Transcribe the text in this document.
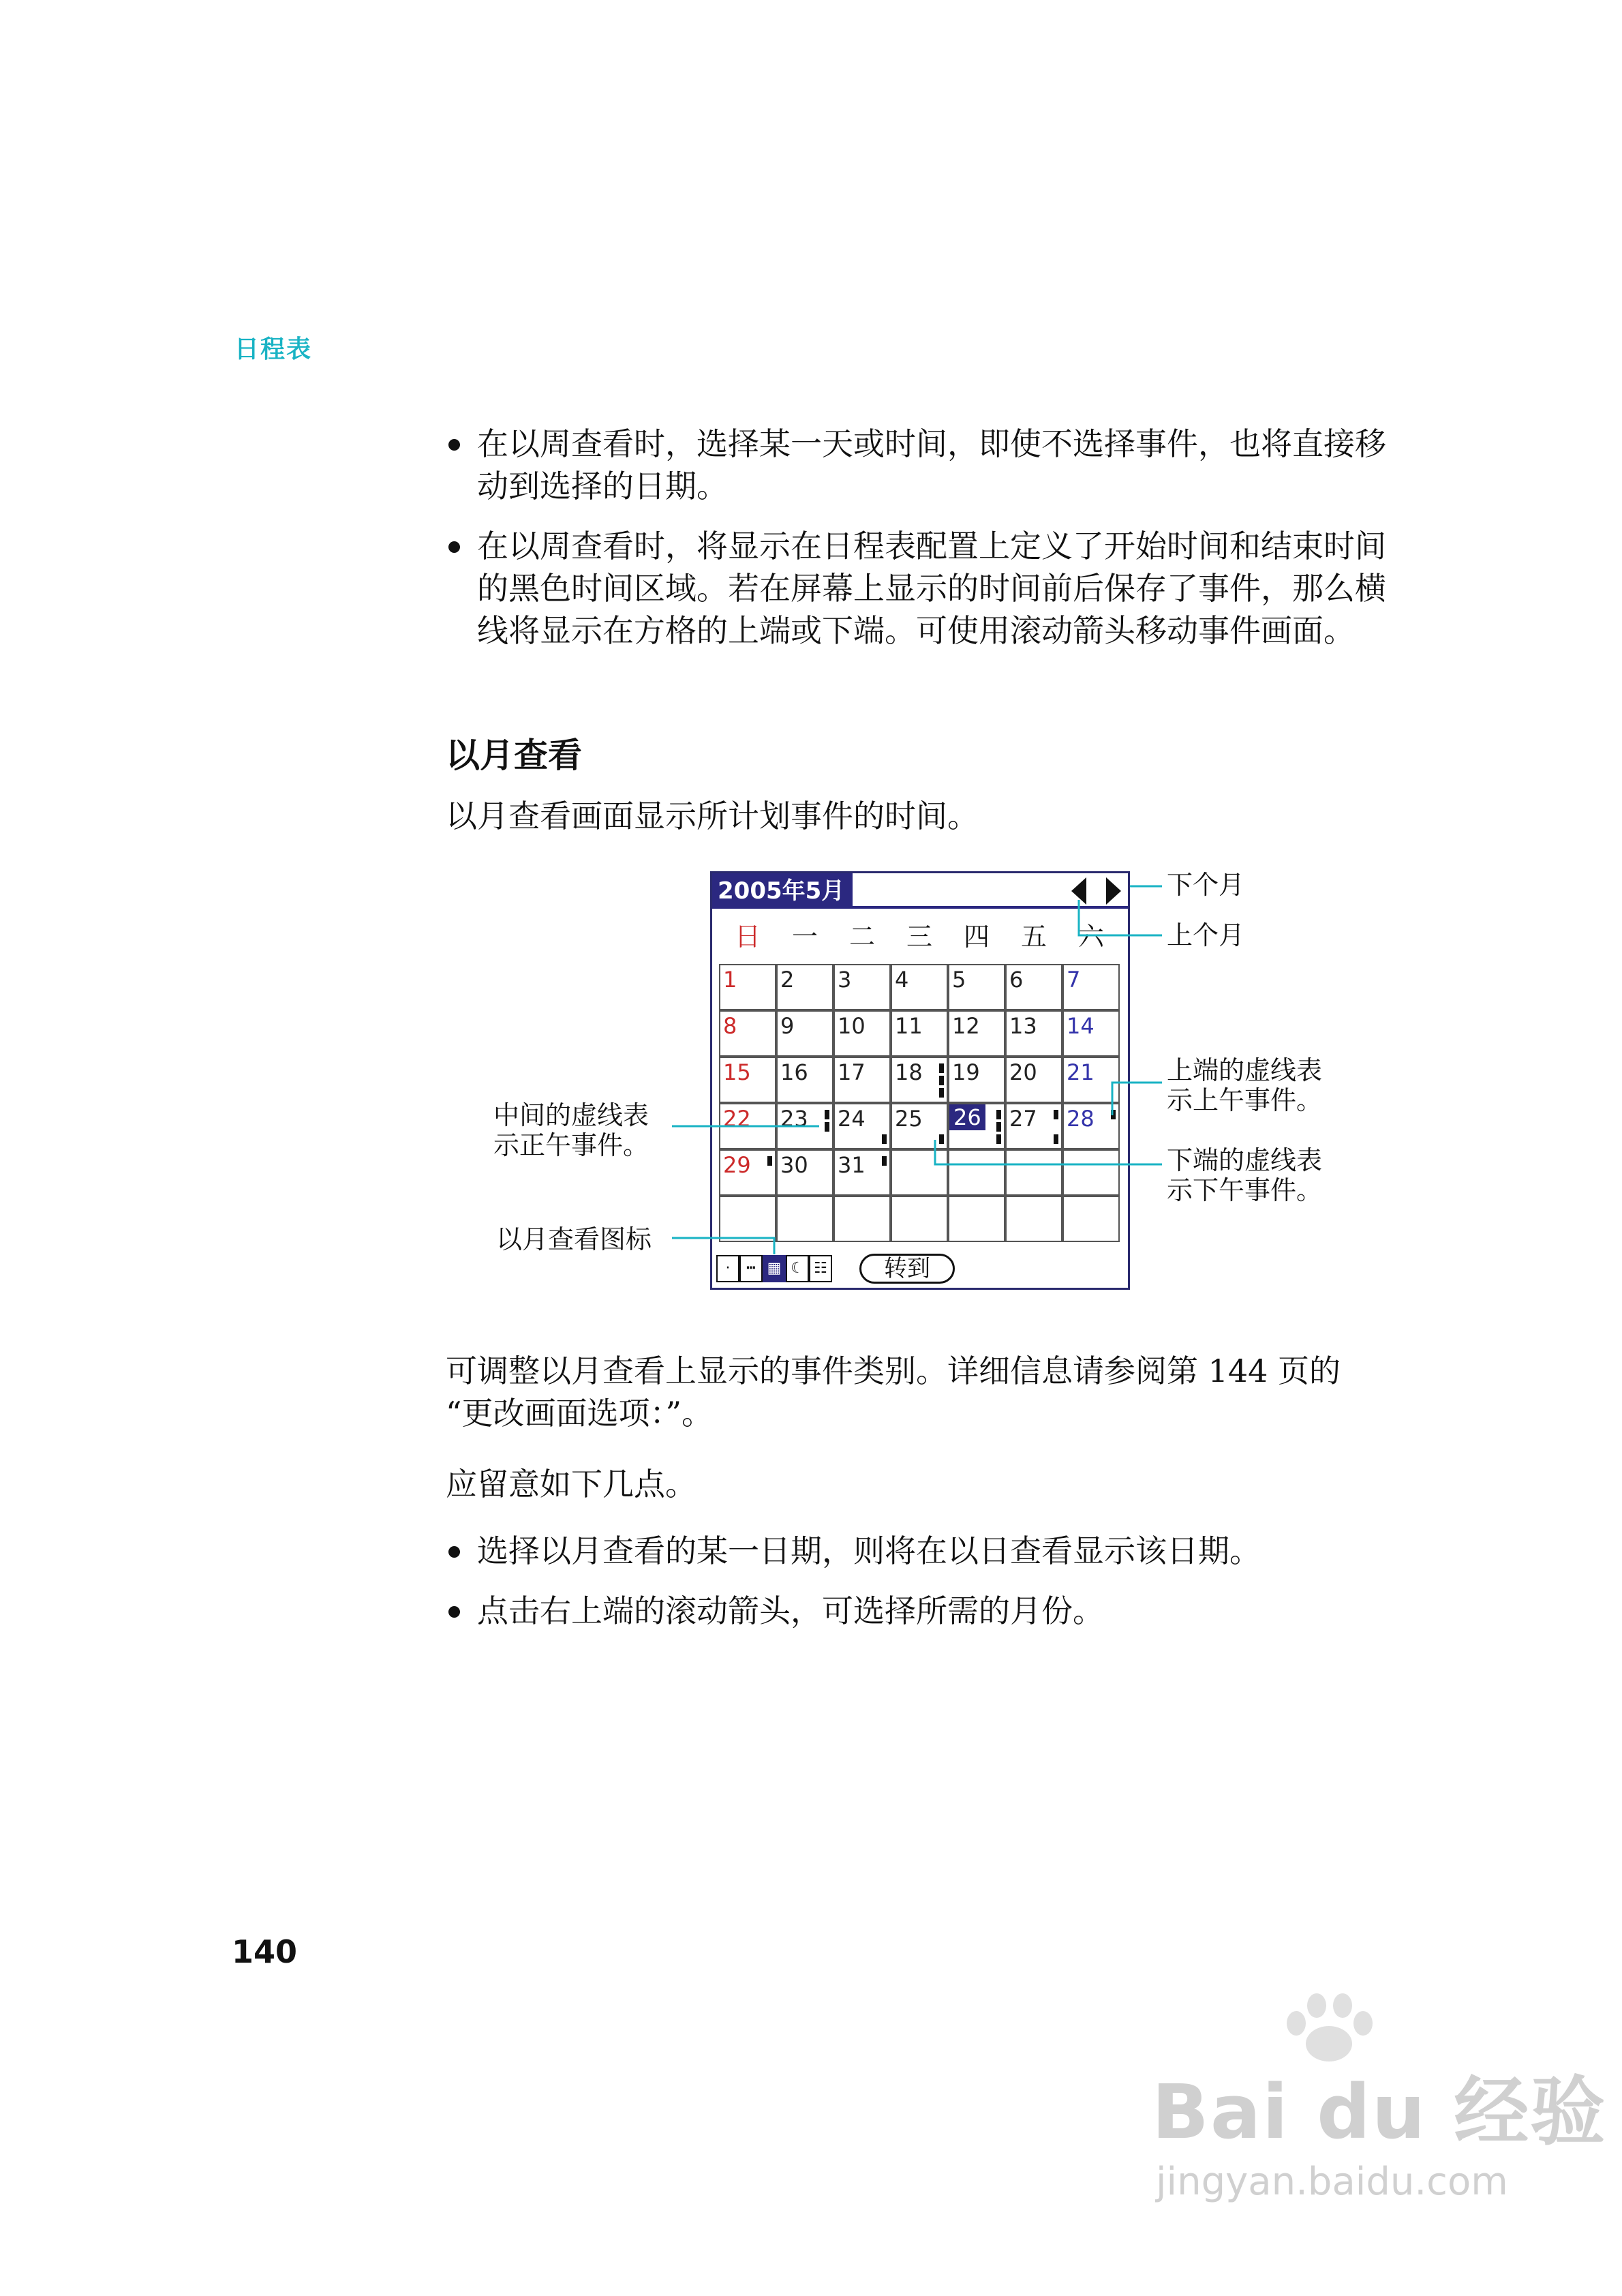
日程表
在以周查看时，选择某一天或时间，即使不选择事件，也将直接移动到选择的日期。
在以周查看时，将显示在日程表配置上定义了开始时间和结束时间的黑色时间区域。若在屏幕上显示的时间前后保存了事件，那么横线将显示在方格的上端或下端。可使用滚动箭头移动事件画面。
以月查看
以月查看画面显示所计划事件的时间。
2005年5月
日	一	二	三	四	五	六
1 2 3 4 5 6 7
8 9 10 11 12 13 14
15 16 17 18 19 20 21
22 23 24 25 26 27 28
29 30 31
·	┅ ▦ ☾ ☷	转到
下个月
上个月
上端的虚线表
示上午事件。
下端的虚线表
示下午事件。
中间的虚线表
示正午事件。
以月查看图标
可调整以月查看上显示的事件类别。详细信息请参阅第 144 页的
“更改画面选项：”。
应留意如下几点。
选择以月查看的某一日期，则将在以日查看显示该日期。
点击右上端的滚动箭头，可选择所需的月份。
140
Bai du 经验
jingyan.baidu.com
